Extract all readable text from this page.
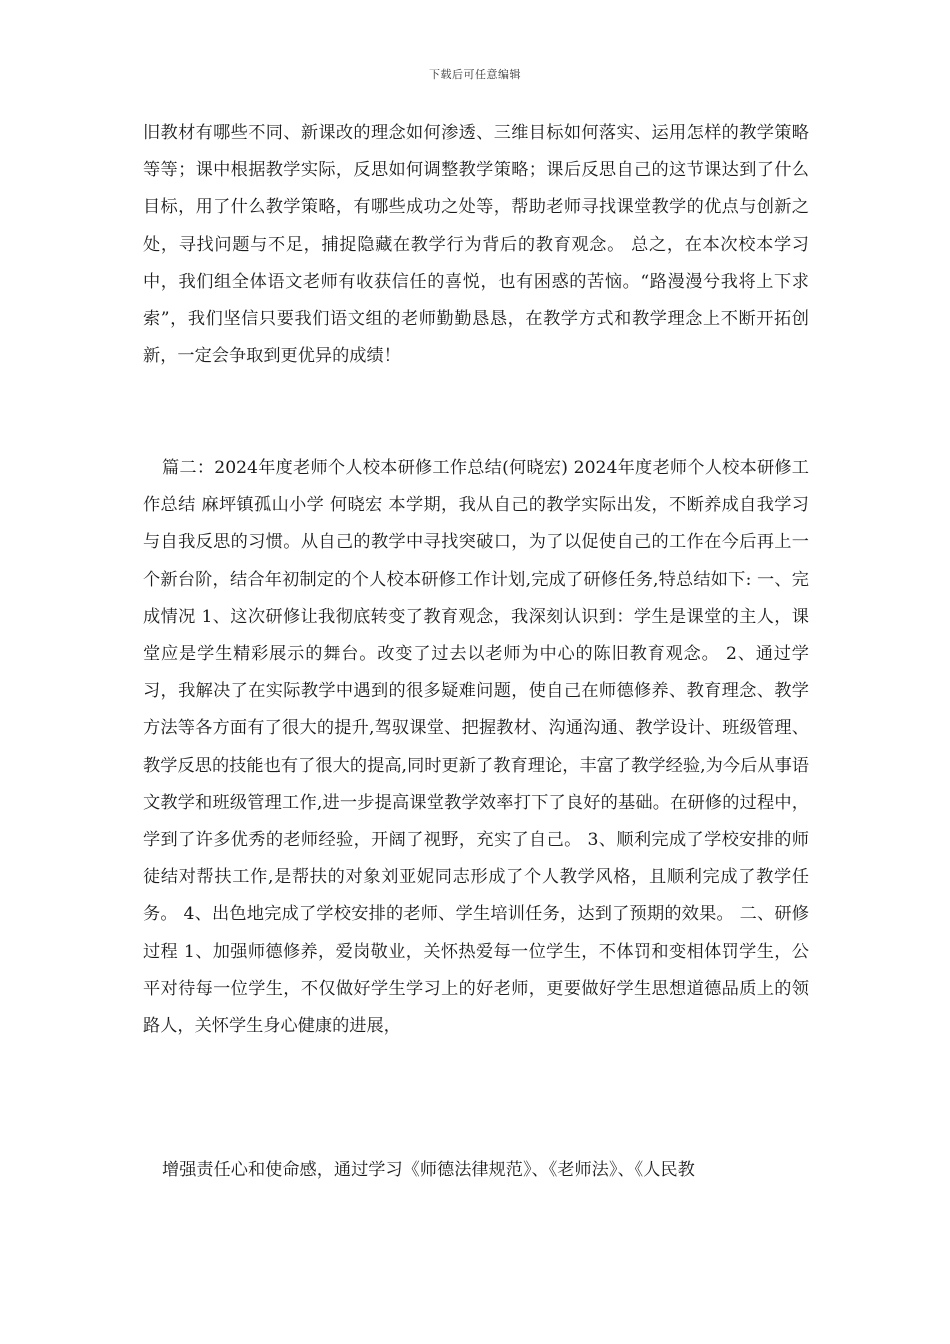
下载后可任意编辑

旧教材有哪些不同、新课改的理念如何渗透、三维目标如何落实、运用怎样的教学策略等等；课中根据教学实际，反思如何调整教学策略；课后反思自己的这节课达到了什么目标，用了什么教学策略，有哪些成功之处等，帮助老师寻找课堂教学的优点与创新之处，寻找问题与不足，捕捉隐藏在教学行为背后的教育观念。 总之，在本次校本学习中，我们组全体语文老师有收获信任的喜悦，也有困惑的苦恼。“路漫漫兮我将上下求索”，我们坚信只要我们语文组的老师勤勤恳恳，在教学方式和教学理念上不断开拓创新，一定会争取到更优异的成绩！

篇二：2024年度老师个人校本研修工作总结(何晓宏) 2024年度老师个人校本研修工作总结 麻坪镇孤山小学 何晓宏 本学期，我从自己的教学实际出发，不断养成自我学习与自我反思的习惯。从自己的教学中寻找突破口，为了以促使自己的工作在今后再上一个新台阶，结合年初制定的个人校本研修工作计划,完成了研修任务,特总结如下: 一、完成情况 1、这次研修让我彻底转变了教育观念，我深刻认识到：学生是课堂的主人，课堂应是学生精彩展示的舞台。改变了过去以老师为中心的陈旧教育观念。 2、通过学习，我解决了在实际教学中遇到的很多疑难问题，使自己在师德修养、教育理念、教学方法等各方面有了很大的提升,驾驭课堂、把握教材、沟通沟通、教学设计、班级管理、教学反思的技能也有了很大的提高,同时更新了教育理论，丰富了教学经验,为今后从事语文教学和班级管理工作,进一步提高课堂教学效率打下了良好的基础。在研修的过程中，学到了许多优秀的老师经验，开阔了视野，充实了自己。 3、顺利完成了学校安排的师徒结对帮扶工作,是帮扶的对象刘亚妮同志形成了个人教学风格，且顺利完成了教学任务。 4、出色地完成了学校安排的老师、学生培训任务，达到了预期的效果。 二、研修过程 1、加强师德修养，爱岗敬业，关怀热爱每一位学生，不体罚和变相体罚学生，公平对待每一位学生，不仅做好学生学习上的好老师，更要做好学生思想道德品质上的领路人，关怀学生身心健康的进展，

增强责任心和使命感，通过学习《师德法律规范》、《老师法》、《人民教
